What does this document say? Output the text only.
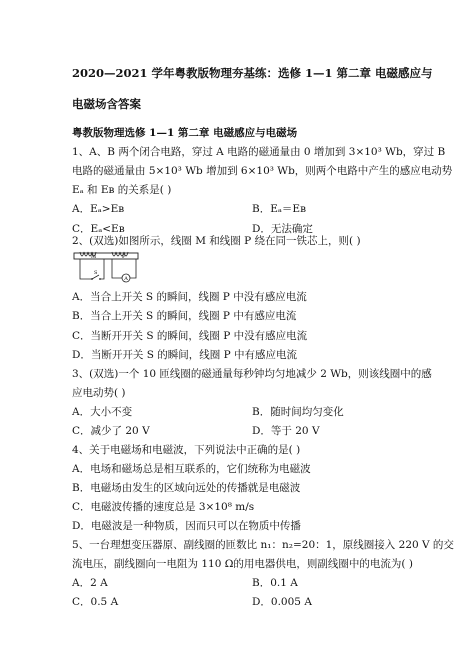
2020—2021 学年粤教版物理夯基练：选修 1—1 第二章 电磁感应与
电磁场含答案
粤教版物理选修 1—1 第二章 电磁感应与电磁场
1、A、B 两个闭合电路，穿过 A 电路的磁通量由 0 增加到 3×10³ Wb，穿过 B
电路的磁通量由 5×10³ Wb 增加到 6×10³ Wb，则两个电路中产生的感应电动势
Eₐ 和 Eʙ 的关系是( )
A．Eₐ>Eʙ	B．Eₐ＝Eʙ
C．Eₐ<Eʙ	D．无法确定
2、(双选)如图所示，线圈 M 和线圈 P 绕在同一铁芯上，则( )
M	P
S
A
A．当合上开关 S 的瞬间，线圈 P 中没有感应电流
B．当合上开关 S 的瞬间，线圈 P 中有感应电流
C．当断开开关 S 的瞬间，线圈 P 中没有感应电流
D．当断开开关 S 的瞬间，线圈 P 中有感应电流
3、(双选)一个 10 匝线圈的磁通量每秒钟均匀地减少 2 Wb，则该线圈中的感
应电动势( )
A．大小不变	B．随时间均匀变化
C．减少了 20 V	D．等于 20 V
4、关于电磁场和电磁波，下列说法中正确的是( )
A．电场和磁场总是相互联系的，它们统称为电磁波
B．电磁场由发生的区域向远处的传播就是电磁波
C．电磁波传播的速度总是 3×10⁸ m/s
D．电磁波是一种物质，因而只可以在物质中传播
5、一台理想变压器原、副线圈的匝数比 n₁：n₂=20：1，原线圈接入 220 V 的交
流电压，副线圈向一电阻为 110 Ω的用电器供电，则副线圈中的电流为( )
A．2 A	B．0.1 A
C．0.5 A	D．0.005 A
